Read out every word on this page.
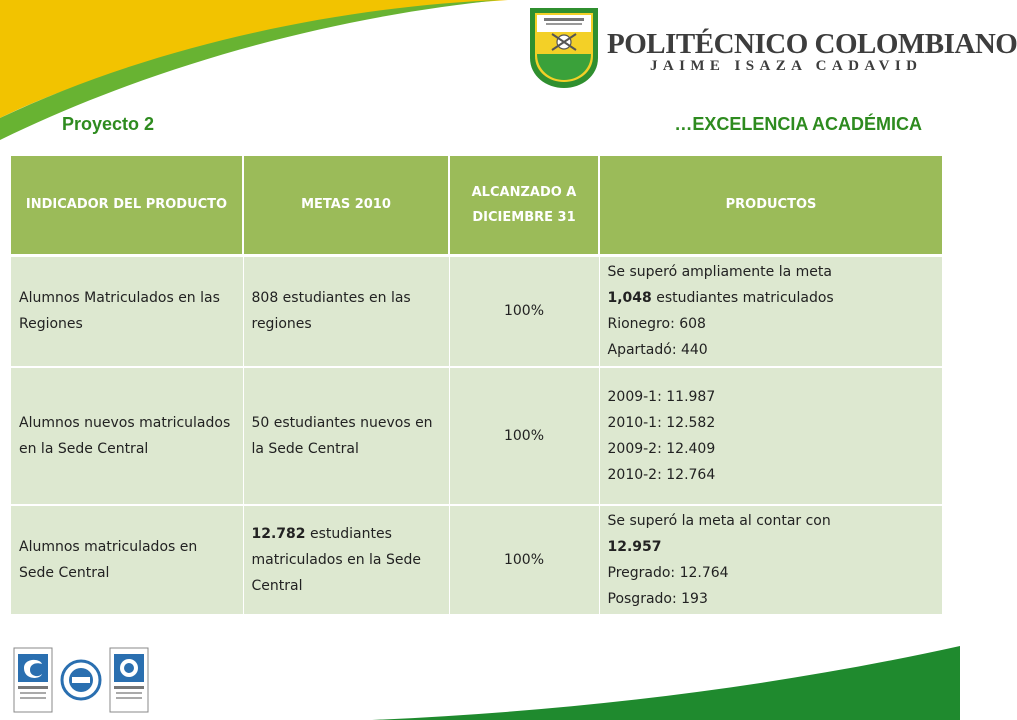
POLITÉCNICO COLOMBIANO
JAIME ISAZA CADAVID
Proyecto 2	…EXCELENCIA ACADÉMICA
INDICADOR DEL PRODUCTO	METAS 2010	ALCANZADO A DICIEMBRE 31	PRODUCTOS
Alumnos Matriculados en las Regiones	808 estudiantes en las regiones	100%	Se superó ampliamente la meta
1,048 estudiantes matriculados
Rionegro: 608
Apartadó: 440

Alumnos nuevos matriculados en la Sede Central	50 estudiantes nuevos en la Sede Central	100%	2009-1: 11.987
2010-1: 12.582
2009-2: 12.409
2010-2: 12.764

Alumnos matriculados en Sede Central	12.782 estudiantes matriculados en la Sede Central	100%	Se superó la meta al contar con
12.957
Pregrado: 12.764
Posgrado: 193
